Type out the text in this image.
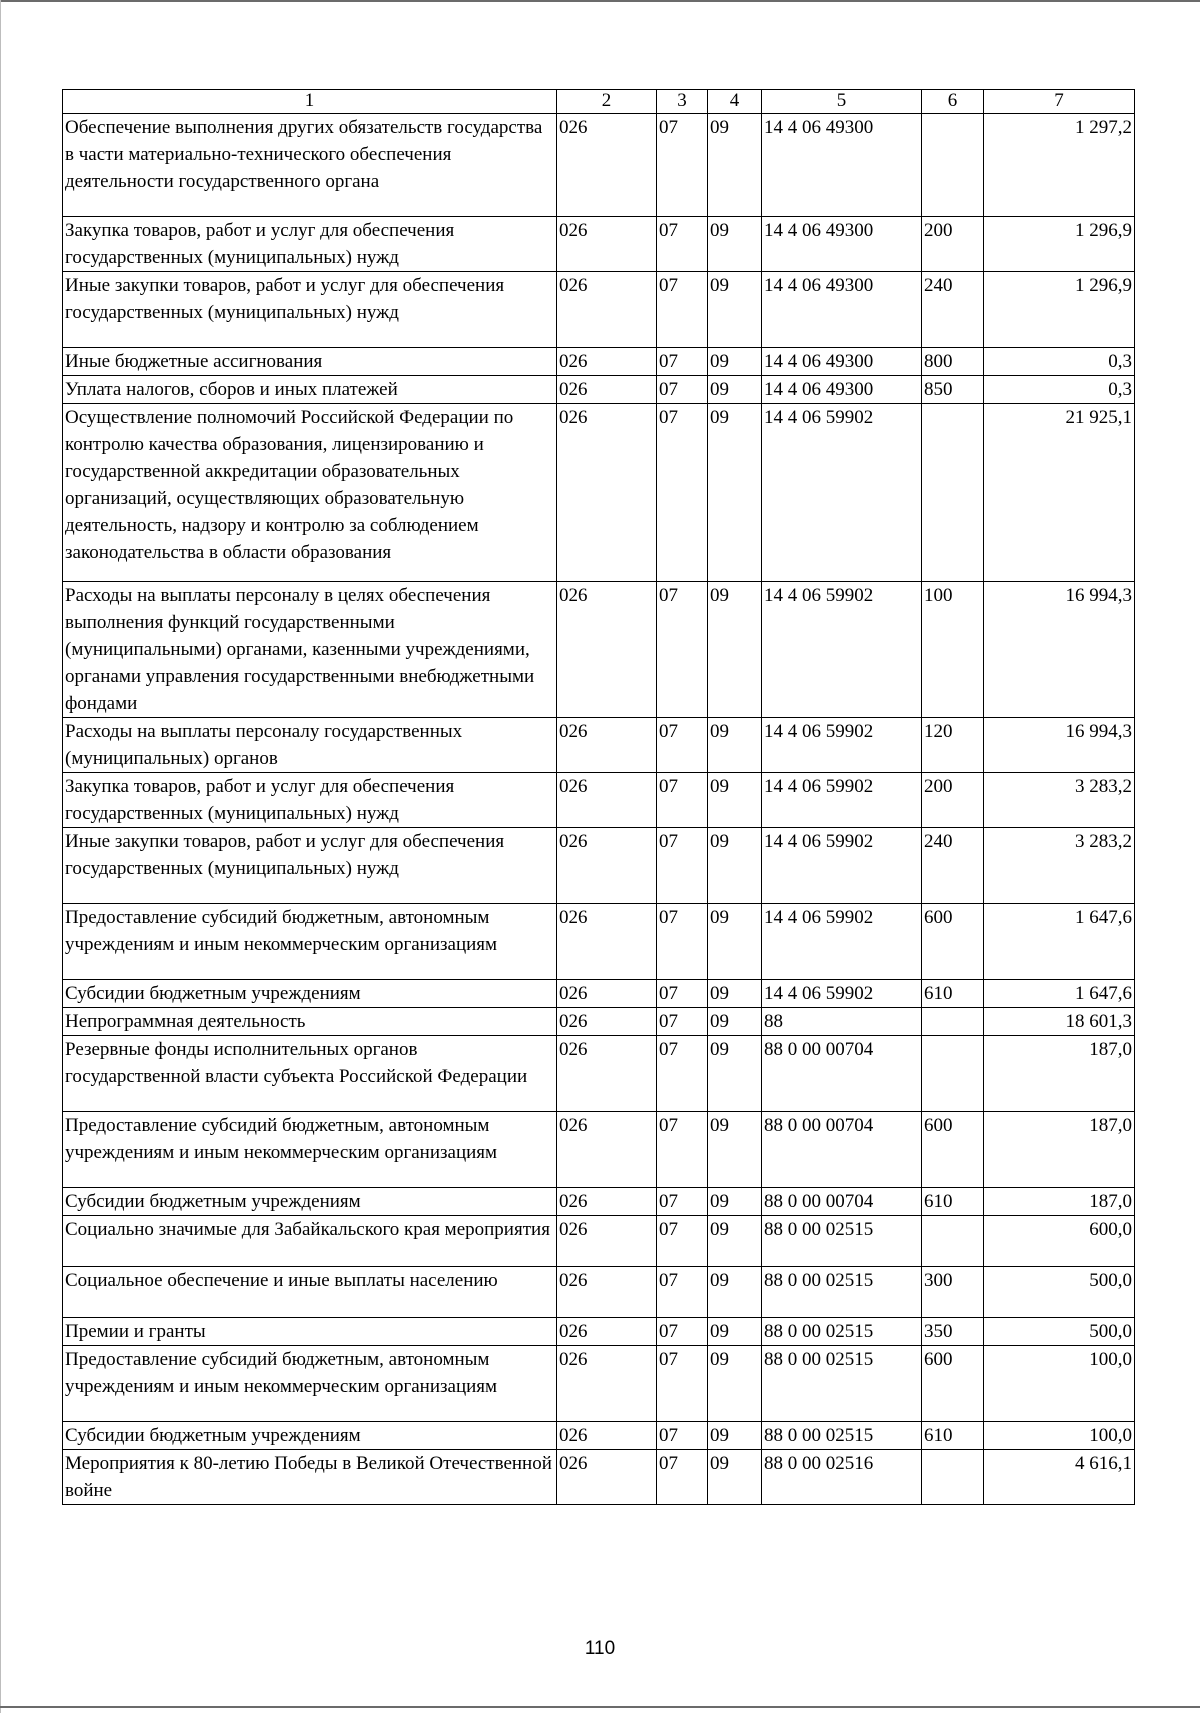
1	2	3	4	5	6	7
Обеспечение выполнения других обязательств государства в части материально-технического обеспечения деятельности государственного органа	026	07	09	14 4 06 49300		1 297,2
Закупка товаров, работ и услуг для обеспечения государственных (муниципальных) нужд	026	07	09	14 4 06 49300	200	1 296,9
Иные закупки товаров, работ и услуг для обеспечения государственных (муниципальных) нужд	026	07	09	14 4 06 49300	240	1 296,9
Иные бюджетные ассигнования	026	07	09	14 4 06 49300	800	0,3
Уплата налогов, сборов и иных платежей	026	07	09	14 4 06 49300	850	0,3
Осуществление полномочий Российской Федерации по контролю качества образования, лицензированию и государственной аккредитации образовательных организаций, осуществляющих образовательную деятельность, надзору и контролю за соблюдением законодательства в области образования	026	07	09	14 4 06 59902		21 925,1
Расходы на выплаты персоналу в целях обеспечения выполнения функций государственными (муниципальными) органами, казенными учреждениями, органами управления государственными внебюджетными фондами	026	07	09	14 4 06 59902	100	16 994,3
Расходы на выплаты персоналу государственных (муниципальных) органов	026	07	09	14 4 06 59902	120	16 994,3
Закупка товаров, работ и услуг для обеспечения государственных (муниципальных) нужд	026	07	09	14 4 06 59902	200	3 283,2
Иные закупки товаров, работ и услуг для обеспечения государственных (муниципальных) нужд	026	07	09	14 4 06 59902	240	3 283,2
Предоставление субсидий бюджетным, автономным учреждениям и иным некоммерческим организациям	026	07	09	14 4 06 59902	600	1 647,6
Субсидии бюджетным учреждениям	026	07	09	14 4 06 59902	610	1 647,6
Непрограммная деятельность	026	07	09	88		18 601,3
Резервные фонды исполнительных органов государственной власти субъекта Российской Федерации	026	07	09	88 0 00 00704		187,0
Предоставление субсидий бюджетным, автономным учреждениям и иным некоммерческим организациям	026	07	09	88 0 00 00704	600	187,0
Субсидии бюджетным учреждениям	026	07	09	88 0 00 00704	610	187,0
Социально значимые для Забайкальского края мероприятия	026	07	09	88 0 00 02515		600,0
Социальное обеспечение и иные выплаты населению	026	07	09	88 0 00 02515	300	500,0
Премии и гранты	026	07	09	88 0 00 02515	350	500,0
Предоставление субсидий бюджетным, автономным учреждениям и иным некоммерческим организациям	026	07	09	88 0 00 02515	600	100,0
Субсидии бюджетным учреждениям	026	07	09	88 0 00 02515	610	100,0
Мероприятия к 80-летию Победы в Великой Отечественной войне	026	07	09	88 0 00 02516		4 616,1
110
